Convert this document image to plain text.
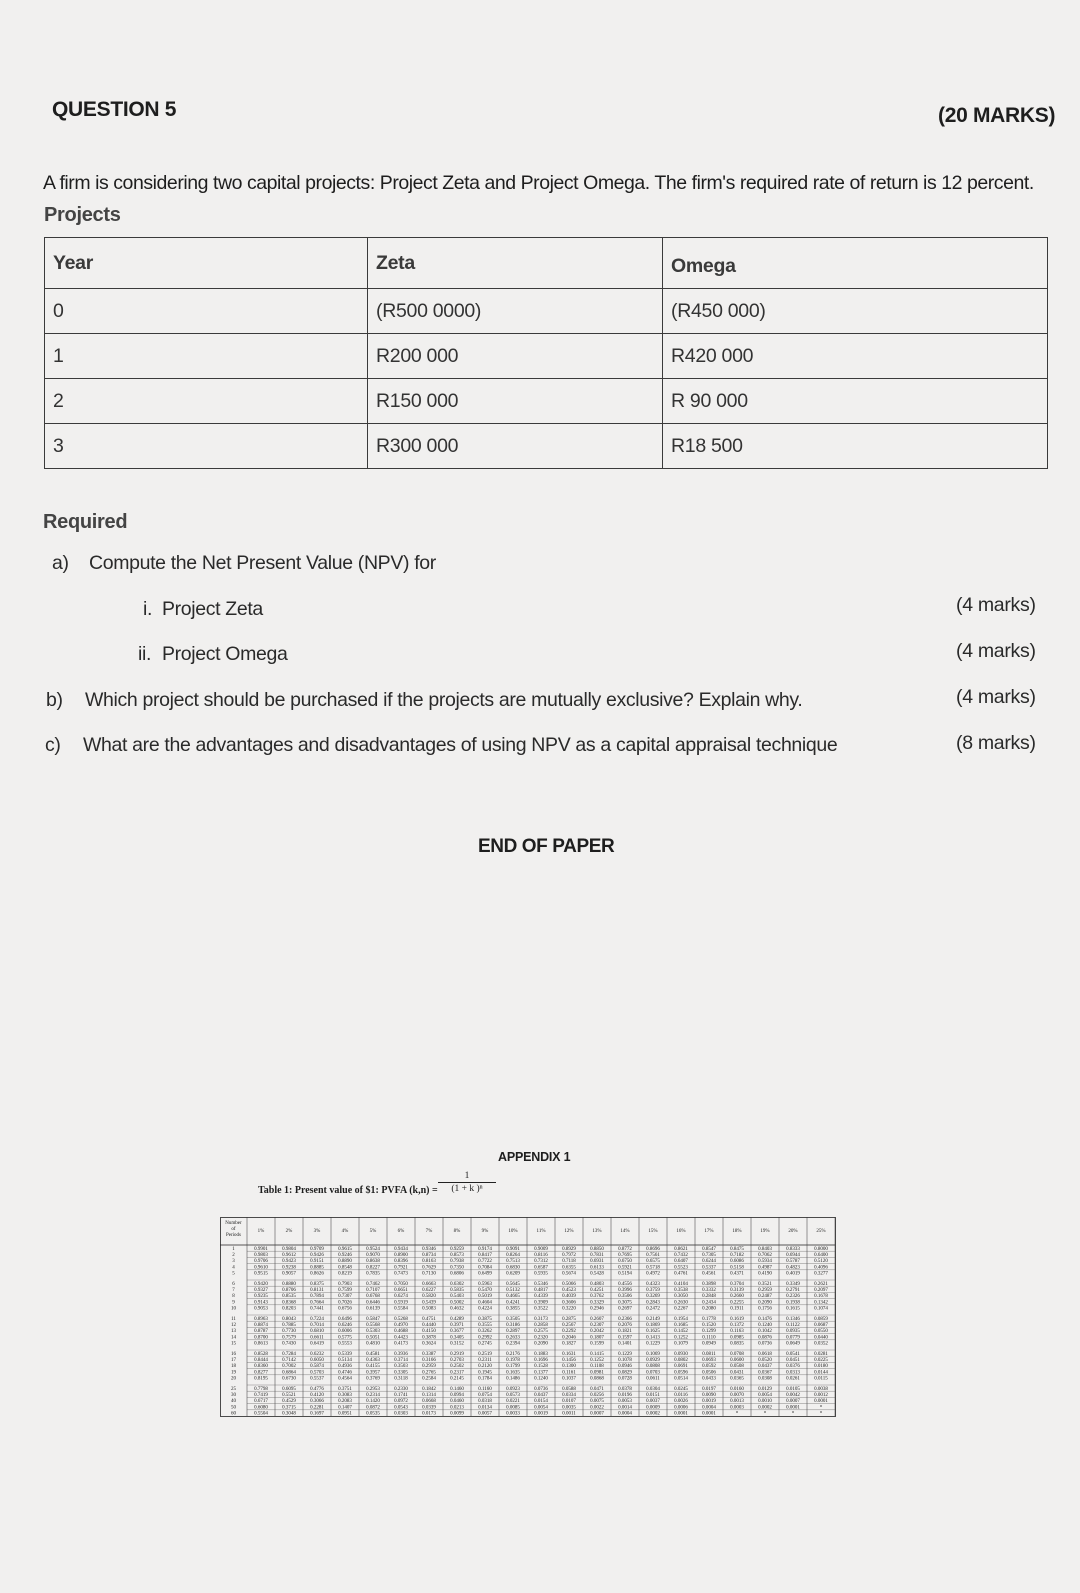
QUESTION 5	(20 MARKS)
A firm is considering two capital projects: Project Zeta and Project Omega. The firm's required rate of return is 12 percent.
Projects
Year	Zeta	Omega
0	(R500 0000)	(R450 000)
1	R200 000	R420 000
2	R150 000	R 90 000
3	R300 000	R18 500
Required
a) Compute the Net Present Value (NPV) for
i. Project Zeta	(4 marks)
ii. Project Omega	(4 marks)
b) Which project should be purchased if the projects are mutually exclusive? Explain why.	(4 marks)
c) What are the advantages and disadvantages of using NPV as a capital appraisal technique	(8 marks)
END OF PAPER
APPENDIX 1
Table 1: Present value of $1: PVFA $(k,n) = \frac{1}{\text{(1 + k )ⁿ}}$
Number
of
Periods
1%	2%	3%	4%	5%	6%	7%	8%	9%	10%	11%	12%	13%	14%	15%	16%	17%	18%	19%	20%	25%
1	0.9901	0.9804	0.9709	0.9615	0.9524	0.9434	0.9346	0.9259	0.9174	0.9091	0.9009	0.8929	0.8850	0.8772	0.8696	0.8621	0.8547	0.8475	0.8403	0.8333	0.8000
2	0.9803	0.9612	0.9426	0.9246	0.9070	0.8900	0.8734	0.8573	0.8417	0.8264	0.8116	0.7972	0.7831	0.7695	0.7561	0.7432	0.7305	0.7182	0.7062	0.6944	0.6400
3	0.9706	0.9423	0.9151	0.8890	0.8638	0.8396	0.8163	0.7938	0.7722	0.7513	0.7312	0.7118	0.6931	0.6750	0.6575	0.6407	0.6244	0.6086	0.5934	0.5787	0.5120
4	0.9610	0.9238	0.8885	0.8548	0.8227	0.7921	0.7629	0.7350	0.7084	0.6830	0.6587	0.6355	0.6133	0.5921	0.5718	0.5523	0.5337	0.5158	0.4987	0.4823	0.4096
5	0.9515	0.9057	0.8626	0.8219	0.7835	0.7473	0.7130	0.6806	0.6499	0.6209	0.5935	0.5674	0.5428	0.5194	0.4972	0.4761	0.4561	0.4371	0.4190	0.4019	0.3277
6	0.9420	0.8880	0.8375	0.7903	0.7462	0.7050	0.6663	0.6302	0.5963	0.5645	0.5346	0.5066	0.4803	0.4556	0.4323	0.4104	0.3898	0.3704	0.3521	0.3349	0.2621
7	0.9327	0.8706	0.8131	0.7599	0.7107	0.6651	0.6227	0.5835	0.5470	0.5132	0.4817	0.4523	0.4251	0.3996	0.3759	0.3538	0.3332	0.3139	0.2959	0.2791	0.2097
8	0.9235	0.8535	0.7894	0.7307	0.6768	0.6274	0.5820	0.5403	0.5019	0.4665	0.4339	0.4039	0.3762	0.3506	0.3269	0.3050	0.2848	0.2660	0.2487	0.2326	0.1678
9	0.9143	0.8368	0.7664	0.7026	0.6446	0.5919	0.5439	0.5002	0.4604	0.4241	0.3909	0.3606	0.3329	0.3075	0.2843	0.2630	0.2434	0.2255	0.2090	0.1938	0.1342
10	0.9053	0.8203	0.7441	0.6756	0.6139	0.5584	0.5083	0.4632	0.4224	0.3855	0.3522	0.3220	0.2946	0.2697	0.2472	0.2267	0.2080	0.1911	0.1756	0.1615	0.1074
11	0.8963	0.8043	0.7224	0.6496	0.5847	0.5268	0.4751	0.4289	0.3875	0.3505	0.3173	0.2875	0.2607	0.2366	0.2149	0.1954	0.1778	0.1619	0.1476	0.1346	0.0859
12	0.8874	0.7885	0.7014	0.6246	0.5568	0.4970	0.4440	0.3971	0.3555	0.3186	0.2858	0.2567	0.2307	0.2076	0.1869	0.1685	0.1520	0.1372	0.1240	0.1122	0.0687
13	0.8787	0.7730	0.6810	0.6006	0.5303	0.4688	0.4150	0.3677	0.3262	0.2897	0.2575	0.2292	0.2042	0.1821	0.1625	0.1452	0.1299	0.1163	0.1042	0.0935	0.0550
14	0.8700	0.7579	0.6611	0.5775	0.5051	0.4423	0.3878	0.3405	0.2992	0.2633	0.2320	0.2046	0.1807	0.1597	0.1413	0.1252	0.1110	0.0985	0.0876	0.0779	0.0440
15	0.8613	0.7430	0.6419	0.5553	0.4810	0.4173	0.3624	0.3152	0.2745	0.2394	0.2090	0.1827	0.1599	0.1401	0.1229	0.1079	0.0949	0.0835	0.0736	0.0649	0.0352
16	0.8528	0.7284	0.6232	0.5339	0.4581	0.3936	0.3387	0.2919	0.2519	0.2176	0.1883	0.1631	0.1415	0.1229	0.1069	0.0930	0.0811	0.0708	0.0618	0.0541	0.0281
17	0.8444	0.7142	0.6050	0.5134	0.4363	0.3714	0.3166	0.2703	0.2311	0.1978	0.1696	0.1456	0.1252	0.1078	0.0929	0.0802	0.0693	0.0600	0.0520	0.0451	0.0225
18	0.8360	0.7002	0.5874	0.4936	0.4155	0.3503	0.2959	0.2502	0.2120	0.1799	0.1528	0.1300	0.1108	0.0946	0.0808	0.0691	0.0592	0.0508	0.0437	0.0376	0.0180
19	0.8277	0.6864	0.5703	0.4746	0.3957	0.3305	0.2765	0.2317	0.1945	0.1635	0.1377	0.1161	0.0981	0.0829	0.0703	0.0596	0.0506	0.0431	0.0367	0.0313	0.0144
20	0.8195	0.6730	0.5537	0.4564	0.3769	0.3118	0.2584	0.2145	0.1784	0.1486	0.1240	0.1037	0.0868	0.0728	0.0611	0.0514	0.0433	0.0365	0.0308	0.0261	0.0115
25	0.7798	0.6095	0.4776	0.3751	0.2953	0.2330	0.1842	0.1460	0.1160	0.0923	0.0736	0.0588	0.0471	0.0378	0.0304	0.0245	0.0197	0.0160	0.0129	0.0105	0.0038
30	0.7419	0.5521	0.4120	0.3083	0.2314	0.1741	0.1314	0.0994	0.0754	0.0573	0.0437	0.0334	0.0256	0.0196	0.0151	0.0116	0.0090	0.0070	0.0054	0.0042	0.0012
40	0.6717	0.4529	0.3066	0.2083	0.1420	0.0972	0.0668	0.0460	0.0318	0.0221	0.0154	0.0107	0.0075	0.0053	0.0037	0.0026	0.0019	0.0013	0.0010	0.0007	0.0001
50	0.6080	0.3715	0.2281	0.1407	0.0872	0.0543	0.0339	0.0213	0.0134	0.0085	0.0054	0.0035	0.0022	0.0014	0.0009	0.0006	0.0004	0.0003	0.0002	0.0001	*
60	0.5504	0.3048	0.1697	0.0951	0.0535	0.0303	0.0173	0.0099	0.0057	0.0033	0.0019	0.0011	0.0007	0.0004	0.0002	0.0001	0.0001	*	*	*	*
